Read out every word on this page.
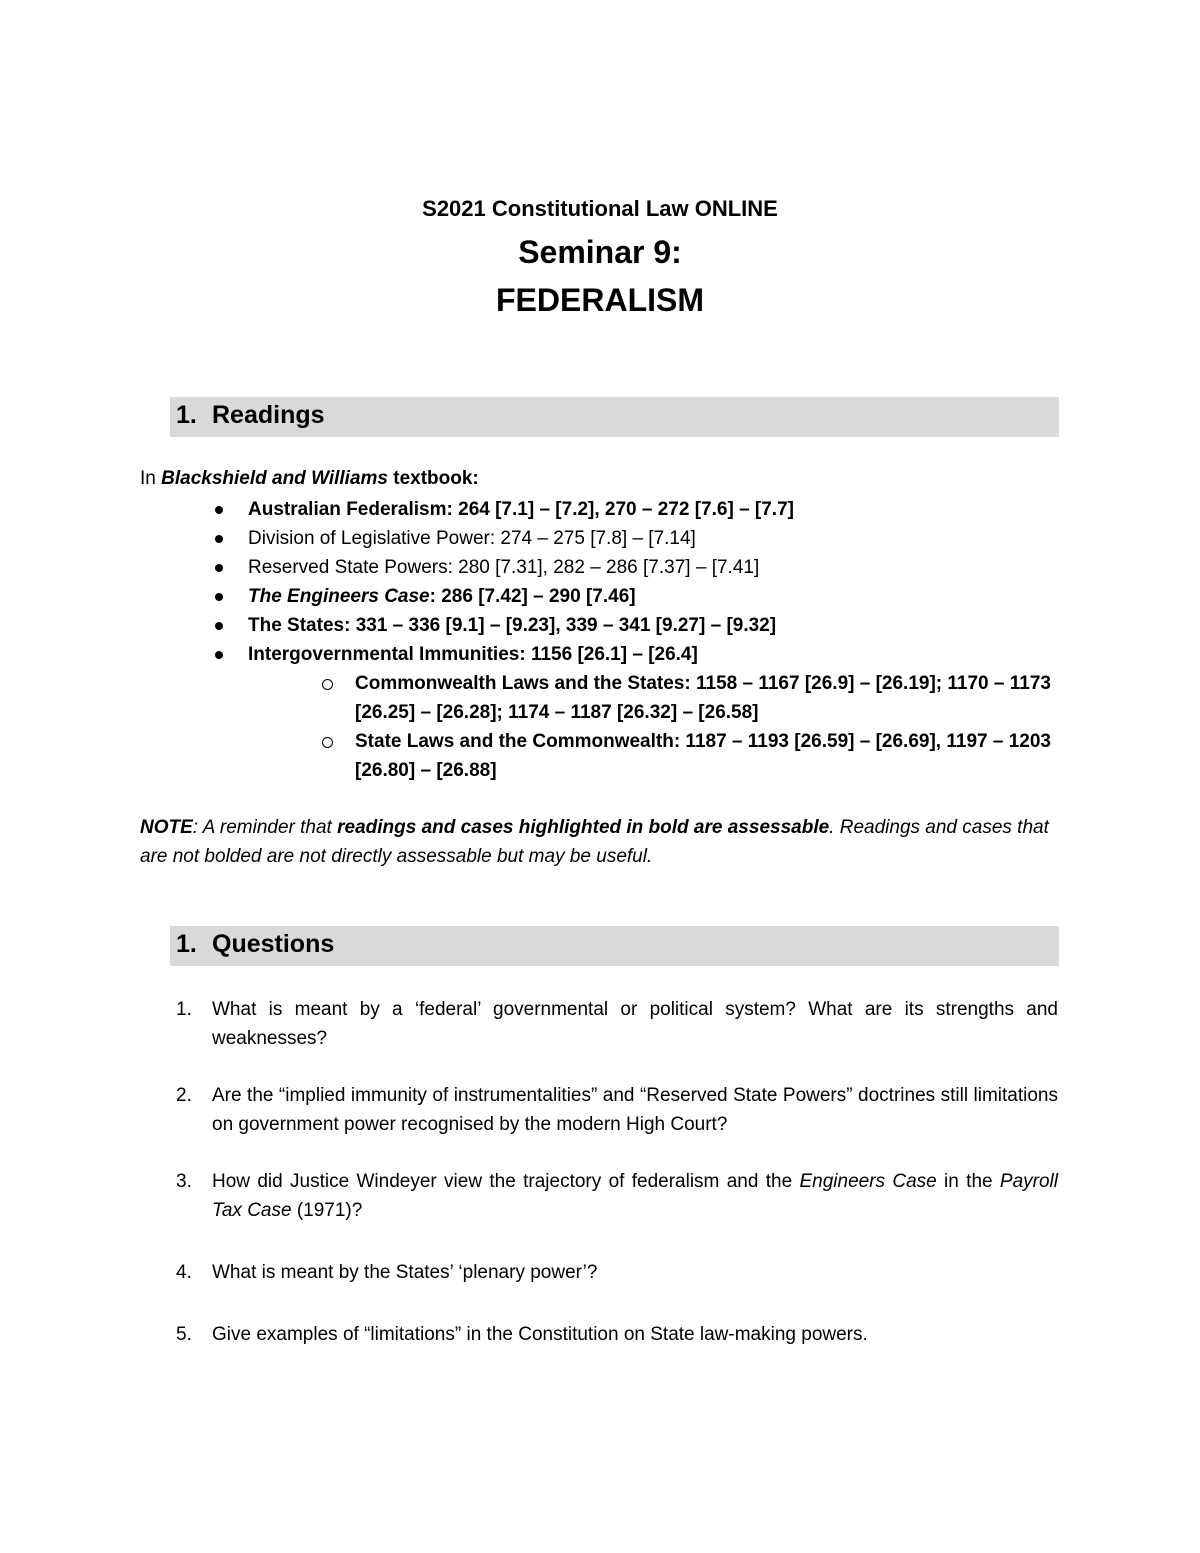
S2021 Constitutional Law ONLINE
Seminar 9:
FEDERALISM
1. Readings
In Blackshield and Williams textbook:
Australian Federalism: 264 [7.1] – [7.2], 270 – 272 [7.6] – [7.7]
Division of Legislative Power: 274 – 275 [7.8] – [7.14]
Reserved State Powers: 280 [7.31], 282 – 286 [7.37] – [7.41]
The Engineers Case: 286 [7.42] – 290 [7.46]
The States: 331 – 336 [9.1] – [9.23], 339 – 341 [9.27] – [9.32]
Intergovernmental Immunities: 1156 [26.1] – [26.4]
Commonwealth Laws and the States: 1158 – 1167 [26.9] – [26.19]; 1170 – 1173 [26.25] – [26.28]; 1174 – 1187 [26.32] – [26.58]
State Laws and the Commonwealth: 1187 – 1193 [26.59] – [26.69], 1197 – 1203 [26.80] – [26.88]
NOTE: A reminder that readings and cases highlighted in bold are assessable. Readings and cases that are not bolded are not directly assessable but may be useful.
1. Questions
1. What is meant by a ‘federal’ governmental or political system? What are its strengths and weaknesses?
2. Are the “implied immunity of instrumentalities” and “Reserved State Powers” doctrines still limitations on government power recognised by the modern High Court?
3. How did Justice Windeyer view the trajectory of federalism and the Engineers Case in the Payroll Tax Case (1971)?
4. What is meant by the States’ ‘plenary power’?
5. Give examples of “limitations” in the Constitution on State law-making powers.
